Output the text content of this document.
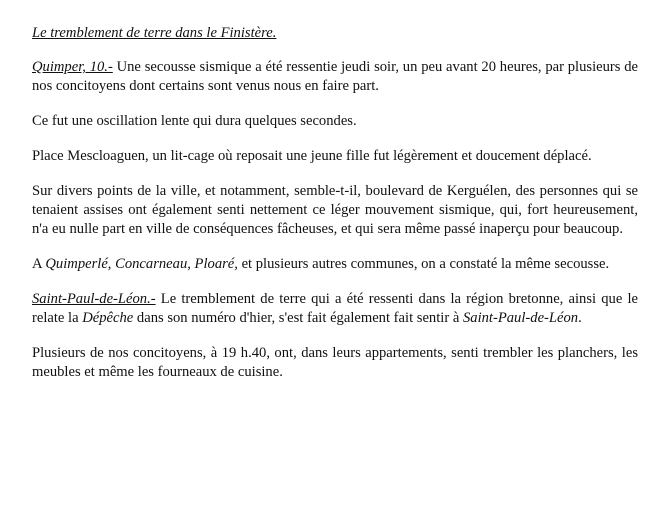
Le tremblement de terre dans le Finistère.

Quimper, 10.- Une secousse sismique a été ressentie jeudi soir, un peu avant 20 heures, par plusieurs de nos concitoyens dont certains sont venus nous en faire part.

Ce fut une oscillation lente qui dura quelques secondes.

Place Mescloaguen, un lit-cage où reposait une jeune fille fut légèrement et doucement déplacé.

Sur divers points de la ville, et notamment, semble-t-il, boulevard de Kerguélen, des personnes qui se tenaient assises ont également senti nettement ce léger mouvement sismique, qui, fort heureusement, n'a eu nulle part en ville de conséquences fâcheuses, et qui sera même passé inaperçu pour beaucoup.

A Quimperlé, Concarneau, Ploaré, et plusieurs autres communes, on a constaté la même secousse.

Saint-Paul-de-Léon.- Le tremblement de terre qui a été ressenti dans la région bretonne, ainsi que le relate la Dépêche dans son numéro d'hier, s'est fait également fait sentir à Saint-Paul-de-Léon.

Plusieurs de nos concitoyens, à 19 h.40, ont, dans leurs appartements, senti trembler les planchers, les meubles et même les fourneaux de cuisine.
